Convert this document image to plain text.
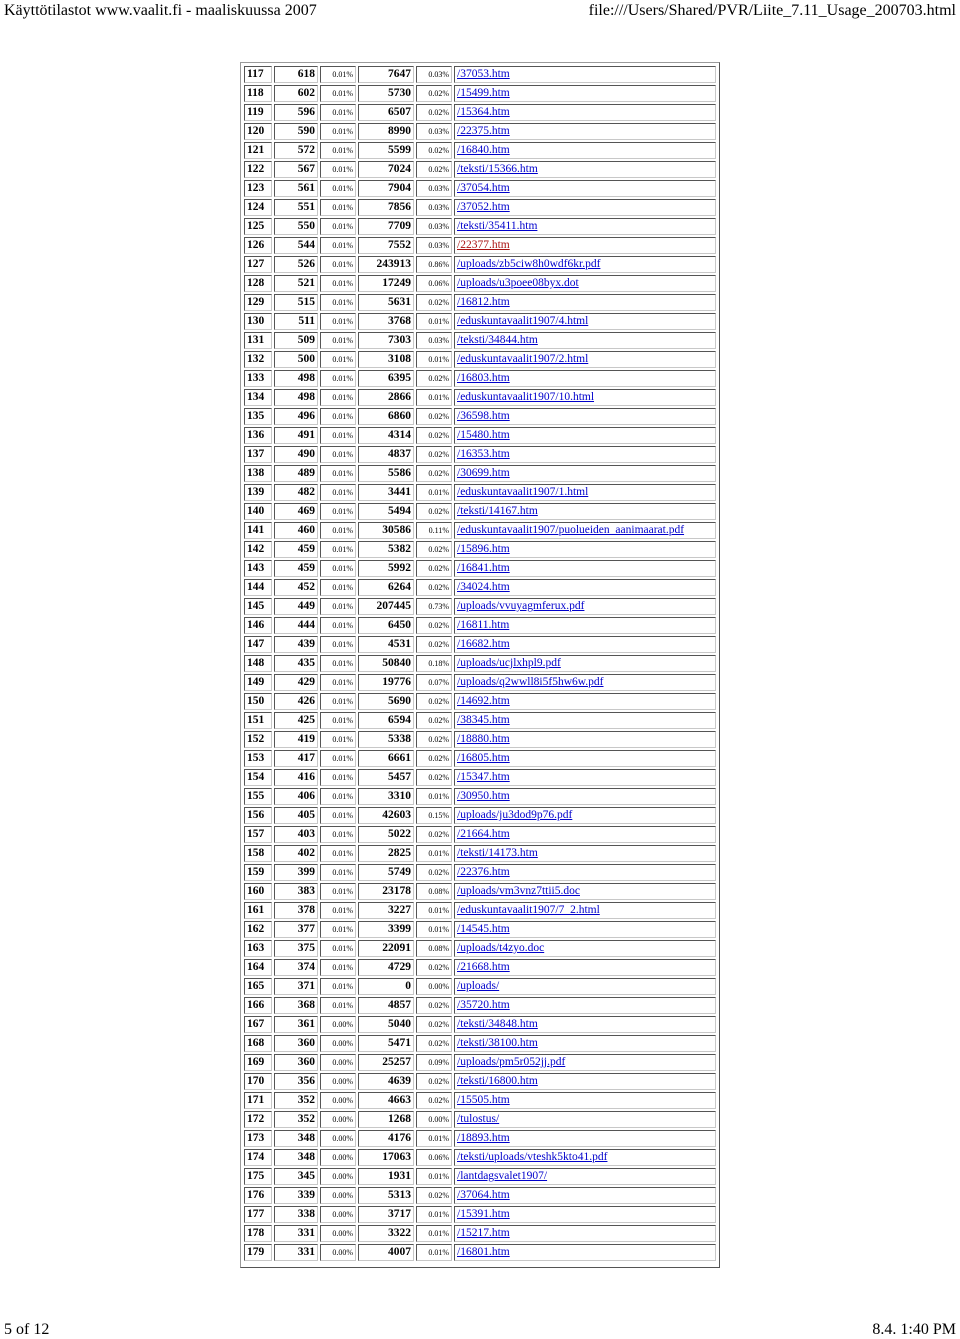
Käyttötilastot www.vaalit.fi - maaliskuussa 2007	file:///Users/Shared/PVR/Liite_7.11_Usage_200703.html
117	618	0.01%	7647	0.03%	/37053.htm
118	602	0.01%	5730	0.02%	/15499.htm
119	596	0.01%	6507	0.02%	/15364.htm
120	590	0.01%	8990	0.03%	/22375.htm
121	572	0.01%	5599	0.02%	/16840.htm
122	567	0.01%	7024	0.02%	/teksti/15366.htm
123	561	0.01%	7904	0.03%	/37054.htm
124	551	0.01%	7856	0.03%	/37052.htm
125	550	0.01%	7709	0.03%	/teksti/35411.htm
126	544	0.01%	7552	0.03%	/22377.htm
127	526	0.01%	243913	0.86%	/uploads/zb5ciw8h0wdf6kr.pdf
128	521	0.01%	17249	0.06%	/uploads/u3poee08byx.dot
129	515	0.01%	5631	0.02%	/16812.htm
130	511	0.01%	3768	0.01%	/eduskuntavaalit1907/4.html
131	509	0.01%	7303	0.03%	/teksti/34844.htm
132	500	0.01%	3108	0.01%	/eduskuntavaalit1907/2.html
133	498	0.01%	6395	0.02%	/16803.htm
134	498	0.01%	2866	0.01%	/eduskuntavaalit1907/10.html
135	496	0.01%	6860	0.02%	/36598.htm
136	491	0.01%	4314	0.02%	/15480.htm
137	490	0.01%	4837	0.02%	/16353.htm
138	489	0.01%	5586	0.02%	/30699.htm
139	482	0.01%	3441	0.01%	/eduskuntavaalit1907/1.html
140	469	0.01%	5494	0.02%	/teksti/14167.htm
141	460	0.01%	30586	0.11%	/eduskuntavaalit1907/puolueiden_aanimaarat.pdf
142	459	0.01%	5382	0.02%	/15896.htm
143	459	0.01%	5992	0.02%	/16841.htm
144	452	0.01%	6264	0.02%	/34024.htm
145	449	0.01%	207445	0.73%	/uploads/vvuyagmferux.pdf
146	444	0.01%	6450	0.02%	/16811.htm
147	439	0.01%	4531	0.02%	/16682.htm
148	435	0.01%	50840	0.18%	/uploads/ucjlxhpl9.pdf
149	429	0.01%	19776	0.07%	/uploads/q2wwll8i5f5hw6w.pdf
150	426	0.01%	5690	0.02%	/14692.htm
151	425	0.01%	6594	0.02%	/38345.htm
152	419	0.01%	5338	0.02%	/18880.htm
153	417	0.01%	6661	0.02%	/16805.htm
154	416	0.01%	5457	0.02%	/15347.htm
155	406	0.01%	3310	0.01%	/30950.htm
156	405	0.01%	42603	0.15%	/uploads/ju3dod9p76.pdf
157	403	0.01%	5022	0.02%	/21664.htm
158	402	0.01%	2825	0.01%	/teksti/14173.htm
159	399	0.01%	5749	0.02%	/22376.htm
160	383	0.01%	23178	0.08%	/uploads/vm3vnz7ttii5.doc
161	378	0.01%	3227	0.01%	/eduskuntavaalit1907/7_2.html
162	377	0.01%	3399	0.01%	/14545.htm
163	375	0.01%	22091	0.08%	/uploads/t4zyo.doc
164	374	0.01%	4729	0.02%	/21668.htm
165	371	0.01%	0	0.00%	/uploads/
166	368	0.01%	4857	0.02%	/35720.htm
167	361	0.00%	5040	0.02%	/teksti/34848.htm
168	360	0.00%	5471	0.02%	/teksti/38100.htm
169	360	0.00%	25257	0.09%	/uploads/pm5r052jj.pdf
170	356	0.00%	4639	0.02%	/teksti/16800.htm
171	352	0.00%	4663	0.02%	/15505.htm
172	352	0.00%	1268	0.00%	/tulostus/
173	348	0.00%	4176	0.01%	/18893.htm
174	348	0.00%	17063	0.06%	/teksti/uploads/vteshk5kto41.pdf
175	345	0.00%	1931	0.01%	/lantdagsvalet1907/
176	339	0.00%	5313	0.02%	/37064.htm
177	338	0.00%	3717	0.01%	/15391.htm
178	331	0.00%	3322	0.01%	/15217.htm
179	331	0.00%	4007	0.01%	/16801.htm
5 of 12	8.4. 1:40 PM
